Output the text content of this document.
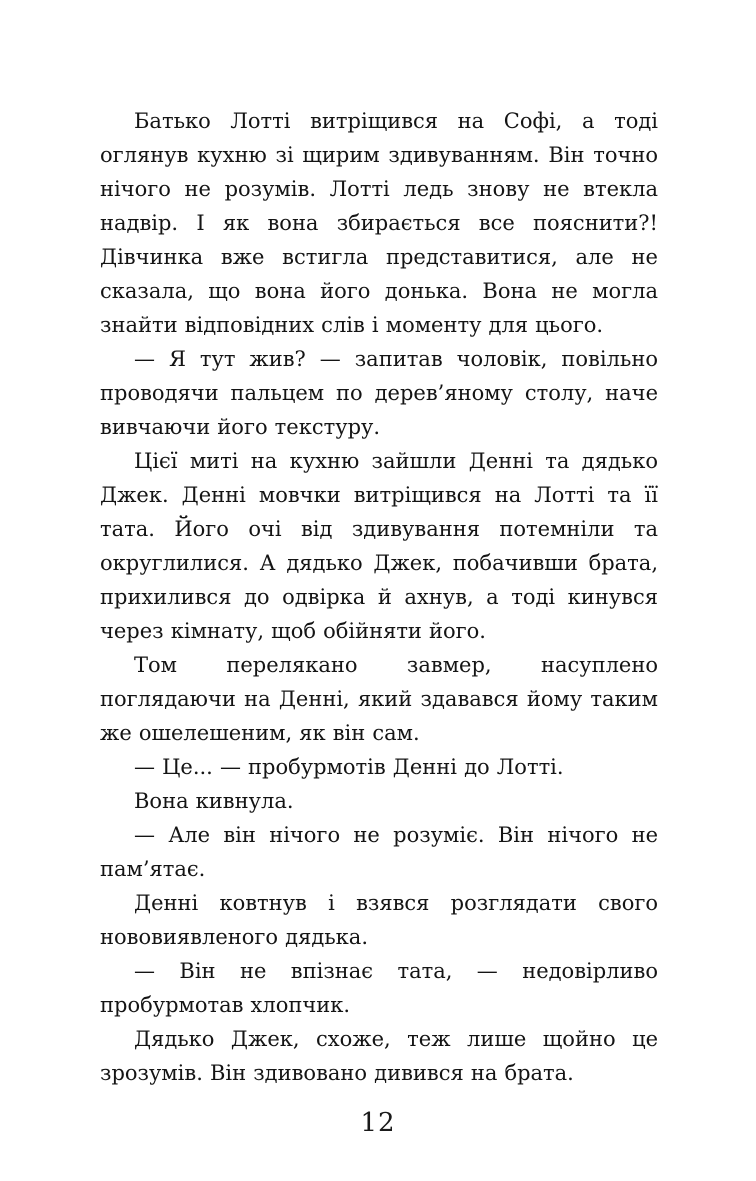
Батько Лотті витріщився на Софі, а тоді оглянув кухню зі щирим здивуванням. Він точно нічого не розумів. Лотті ледь знову не втекла надвір. І як вона збирається все пояснити?! Дівчинка вже встигла представитися, але не сказала, що вона його донька. Вона не могла знайти відповідних слів і моменту для цього.

— Я тут жив? — запитав чоловік, повільно проводячи пальцем по дерев’яному столу, наче вивчаючи його текстуру.

Цієї миті на кухню зайшли Денні та дядько Джек. Денні мовчки витріщився на Лотті та її тата. Його очі від здивування потемніли та округлилися. А дядько Джек, побачивши брата, прихилився до одвірка й ахнув, а тоді кинувся через кімнату, щоб обійняти його.

Том перелякано завмер, насуплено поглядаючи на Денні, який здавався йому таким же ошелешеним, як він сам.

— Це... — пробурмотів Денні до Лотті.

Вона кивнула.

— Але він нічого не розуміє. Він нічого не пам’ятає.

Денні ковтнув і взявся розглядати свого нововиявленого дядька.

— Він не впізнає тата, — недовірливо пробурмотав хлопчик.

Дядько Джек, схоже, теж лише щойно це зрозумів. Він здивовано дивився на брата.

12
